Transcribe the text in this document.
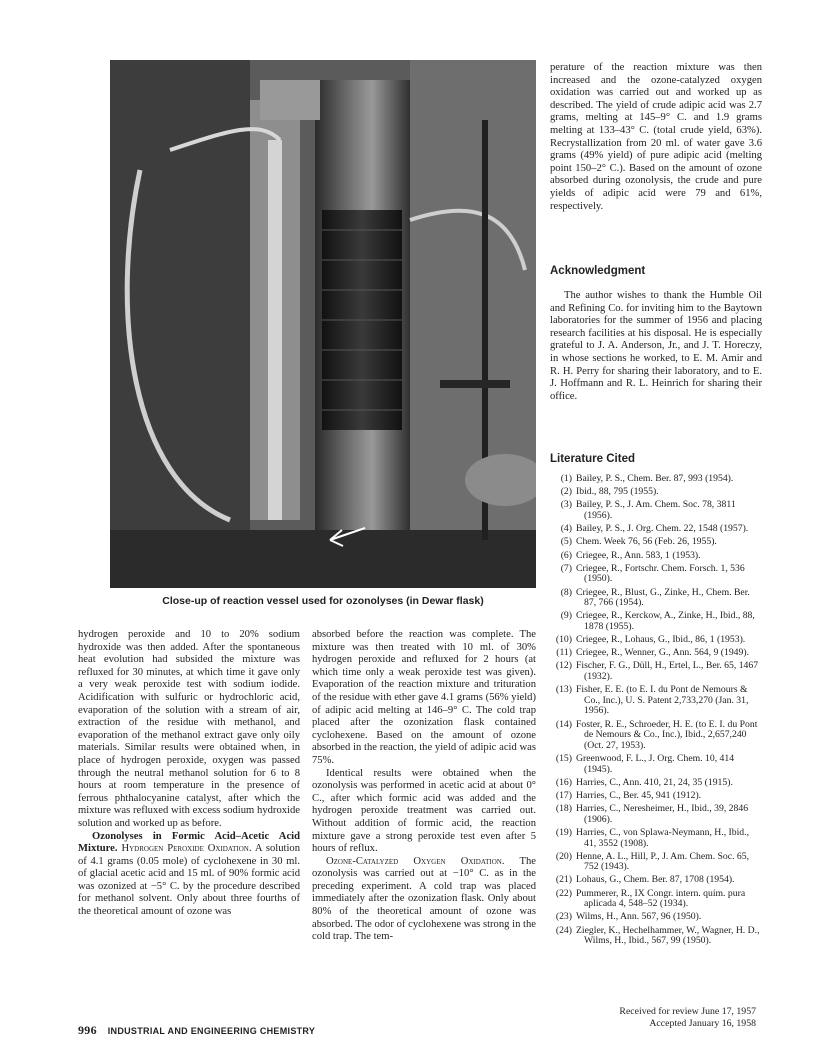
Close-up of reaction vessel used for ozonolyses (in Dewar flask)

perature of the reaction mixture was then increased and the ozone-catalyzed oxygen oxidation was carried out and worked up as described. The yield of crude adipic acid was 2.7 grams, melting at 145–9° C. and 1.9 grams melting at 133–43° C. (total crude yield, 63%). Recrystallization from 20 ml. of water gave 3.6 grams (49% yield) of pure adipic acid (melting point 150–2° C.). Based on the amount of ozone absorbed during ozonolysis, the crude and pure yields of adipic acid were 79 and 61%, respectively.

Acknowledgment

The author wishes to thank the Humble Oil and Refining Co. for inviting him to the Baytown laboratories for the summer of 1956 and placing research facilities at his disposal. He is especially grateful to J. A. Anderson, Jr., and J. T. Horeczy, in whose sections he worked, to E. M. Amir and R. H. Perry for sharing their laboratory, and to E. J. Hoffmann and R. L. Heinrich for sharing their office.

Literature Cited
(1) Bailey, P. S., Chem. Ber. 87, 993 (1954).
(2) Ibid., 88, 795 (1955).
(3) Bailey, P. S., J. Am. Chem. Soc. 78, 3811 (1956).
(4) Bailey, P. S., J. Org. Chem. 22, 1548 (1957).
(5) Chem. Week 76, 56 (Feb. 26, 1955).
(6) Criegee, R., Ann. 583, 1 (1953).
(7) Criegee, R., Fortschr. Chem. Forsch. 1, 536 (1950).
(8) Criegee, R., Blust, G., Zinke, H., Chem. Ber. 87, 766 (1954).
(9) Criegee, R., Kerckow, A., Zinke, H., Ibid., 88, 1878 (1955).
(10) Criegee, R., Lohaus, G., Ibid., 86, 1 (1953).
(11) Criegee, R., Wenner, G., Ann. 564, 9 (1949).
(12) Fischer, F. G., Düll, H., Ertel, L., Ber. 65, 1467 (1932).
(13) Fisher, E. E. (to E. I. du Pont de Nemours & Co., Inc.), U. S. Patent 2,733,270 (Jan. 31, 1956).
(14) Foster, R. E., Schroeder, H. E. (to E. I. du Pont de Nemours & Co., Inc.), Ibid., 2,657,240 (Oct. 27, 1953).
(15) Greenwood, F. L., J. Org. Chem. 10, 414 (1945).
(16) Harries, C., Ann. 410, 21, 24, 35 (1915).
(17) Harries, C., Ber. 45, 941 (1912).
(18) Harries, C., Neresheimer, H., Ibid., 39, 2846 (1906).
(19) Harries, C., von Splawa-Neymann, H., Ibid., 41, 3552 (1908).
(20) Henne, A. L., Hill, P., J. Am. Chem. Soc. 65, 752 (1943).
(21) Lohaus, G., Chem. Ber. 87, 1708 (1954).
(22) Pummerer, R., IX Congr. intern. quím. pura aplicada 4, 548–52 (1934).
(23) Wilms, H., Ann. 567, 96 (1950).
(24) Ziegler, K., Hechelhammer, W., Wagner, H. D., Wilms, H., Ibid., 567, 99 (1950).
Received for review June 17, 1957
Accepted January 16, 1958

hydrogen peroxide and 10 to 20% sodium hydroxide was then added. After the spontaneous heat evolution had subsided the mixture was refluxed for 30 minutes, at which time it gave only a very weak peroxide test with sodium iodide. Acidification with sulfuric or hydrochloric acid, evaporation of the solution with a stream of air, extraction of the residue with methanol, and evaporation of the methanol extract gave only oily materials. Similar results were obtained when, in place of hydrogen peroxide, oxygen was passed through the neutral methanol solution for 6 to 8 hours at room temperature in the presence of ferrous phthalocyanine catalyst, after which the mixture was refluxed with excess sodium hydroxide solution and worked up as before.

Ozonolyses in Formic Acid–Acetic Acid Mixture. Hydrogen Peroxide Oxidation. A solution of 4.1 grams (0.05 mole) of cyclohexene in 30 ml. of glacial acetic acid and 15 ml. of 90% formic acid was ozonized at −5° C. by the procedure described for methanol solvent. Only about three fourths of the theoretical amount of ozone was

absorbed before the reaction was complete. The mixture was then treated with 10 ml. of 30% hydrogen peroxide and refluxed for 2 hours (at which time only a weak peroxide test was given). Evaporation of the reaction mixture and trituration of the residue with ether gave 4.1 grams (56% yield) of adipic acid melting at 146–9° C. The cold trap placed after the ozonization flask contained cyclohexene. Based on the amount of ozone absorbed in the reaction, the yield of adipic acid was 75%.

Identical results were obtained when the ozonolysis was performed in acetic acid at about 0° C., after which formic acid was added and the hydrogen peroxide treatment was carried out. Without addition of formic acid, the reaction mixture gave a strong peroxide test even after 5 hours of reflux.

Ozone-Catalyzed Oxygen Oxidation. The ozonolysis was carried out at −10° C. as in the preceding experiment. A cold trap was placed immediately after the ozonization flask. Only about 80% of the theoretical amount of ozone was absorbed. The odor of cyclohexene was strong in the cold trap. The tem-

996 INDUSTRIAL AND ENGINEERING CHEMISTRY
